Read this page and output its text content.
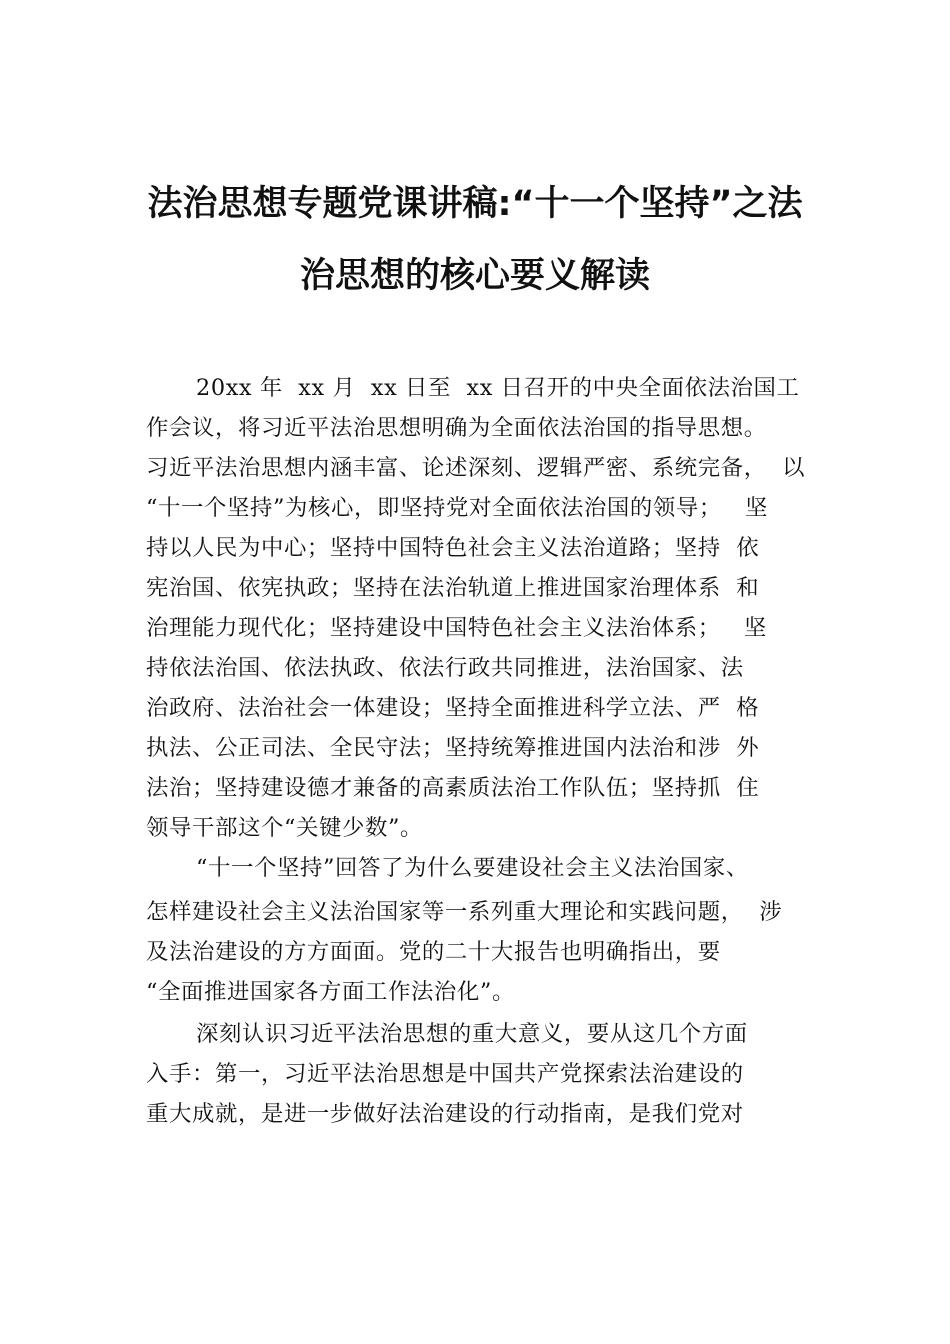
法治思想专题党课讲稿:“十一个坚持”之法
治思想的核心要义解读
20xx 年  xx 月  xx 日至  xx 日召开的中央全面依法治国工
作会议，将习近平法治思想明确为全面依法治国的指导思想。
习近平法治思想内涵丰富、论述深刻、逻辑严密、系统完备，  以
“十一个坚持”为核心，即坚持党对全面依法治国的领导；   坚
持以人民为中心；坚持中国特色社会主义法治道路；坚持  依
宪治国、依宪执政；坚持在法治轨道上推进国家治理体系  和
治理能力现代化；坚持建设中国特色社会主义法治体系；   坚
持依法治国、依法执政、依法行政共同推进，法治国家、法
治政府、法治社会一体建设；坚持全面推进科学立法、严  格
执法、公正司法、全民守法；坚持统筹推进国内法治和涉  外
法治；坚持建设德才兼备的高素质法治工作队伍；坚持抓  住
领导干部这个“关键少数”。
“十一个坚持”回答了为什么要建设社会主义法治国家、
怎样建设社会主义法治国家等一系列重大理论和实践问题，  涉
及法治建设的方方面面。党的二十大报告也明确指出，要
“全面推进国家各方面工作法治化”。
深刻认识习近平法治思想的重大意义，要从这几个方面
入手：第一，习近平法治思想是中国共产党探索法治建设的
重大成就，是进一步做好法治建设的行动指南，是我们党对
